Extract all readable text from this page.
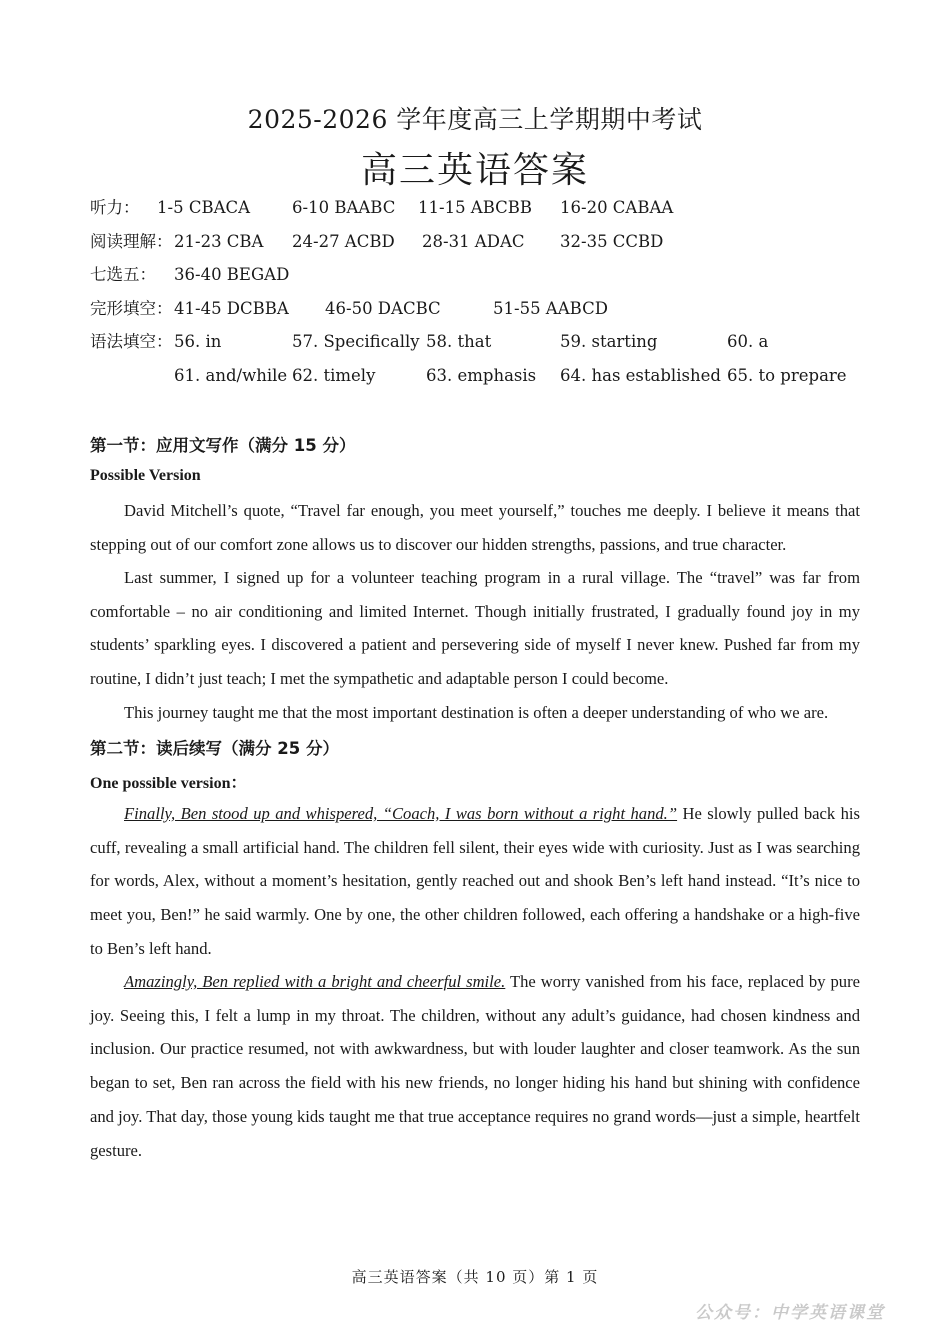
2025-2026 学年度高三上学期期中考试
高三英语答案
听力： 1-5 CBACA	6-10 BAABC 11-15 ABCBB 16-20 CABAA
阅读理解： 21-23 CBA 24-27 ACBD 28-31 ADAC 32-35 CCBD
七选五： 36-40 BEGAD
完形填空： 41-45 DCBBA 46-50 DACBC	51-55 AABCD
语法填空： 56. in	57. Specifically 58. that	59. starting	60. a
61. and/while 62. timely	63. emphasis 64. has established 65. to prepare
第一节：应用文写作（满分 15 分）
Possible Version

David Mitchell’s quote, “Travel far enough, you meet yourself,” touches me deeply. I believe it means that stepping out of our comfort zone allows us to discover our hidden strengths, passions, and true character.

Last summer, I signed up for a volunteer teaching program in a rural village. The “travel” was far from comfortable – no air conditioning and limited Internet. Though initially frustrated, I gradually found joy in my students’ sparkling eyes. I discovered a patient and persevering side of myself I never knew. Pushed far from my routine, I didn’t just teach; I met the sympathetic and adaptable person I could become.

This journey taught me that the most important destination is often a deeper understanding of who we are.

第二节：读后续写（满分 25 分）
One possible version：

Finally, Ben stood up and whispered, “Coach, I was born without a right hand.” He slowly pulled back his cuff, revealing a small artificial hand. The children fell silent, their eyes wide with curiosity. Just as I was searching for words, Alex, without a moment’s hesitation, gently reached out and shook Ben’s left hand instead. “It’s nice to meet you, Ben!” he said warmly. One by one, the other children followed, each offering a handshake or a high-five to Ben’s left hand.

Amazingly, Ben replied with a bright and cheerful smile. The worry vanished from his face, replaced by pure joy. Seeing this, I felt a lump in my throat. The children, without any adult’s guidance, had chosen kindness and inclusion. Our practice resumed, not with awkwardness, but with louder laughter and closer teamwork. As the sun began to set, Ben ran across the field with his new friends, no longer hiding his hand but shining with confidence and joy. That day, those young kids taught me that true acceptance requires no grand words—just a simple, heartfelt gesture.

高三英语答案（共 10 页）第 1 页
公众号：中学英语课堂
